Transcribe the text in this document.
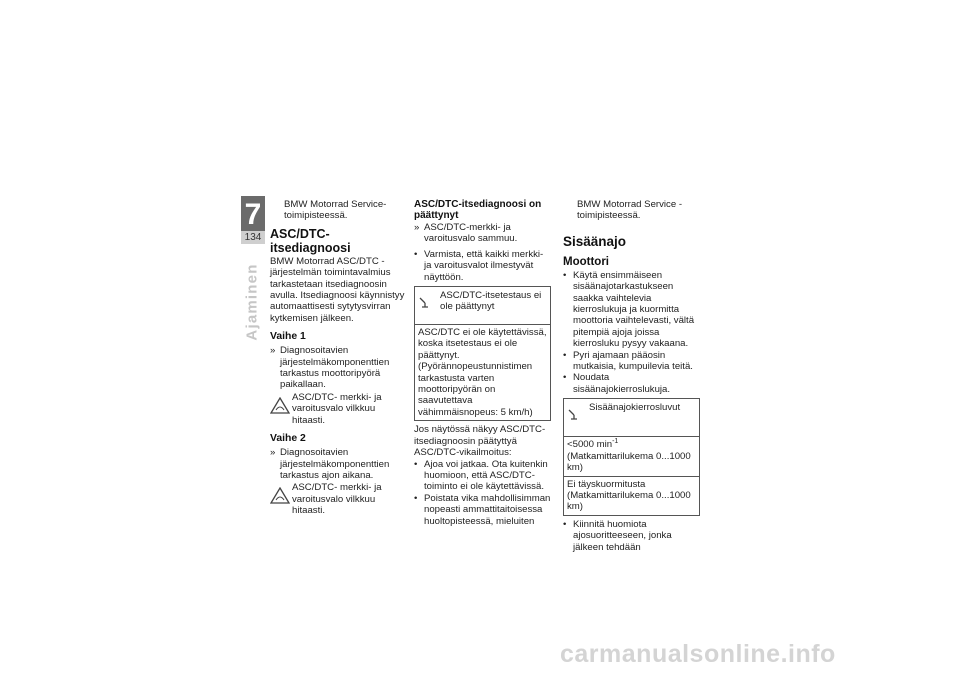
7
134
Ajaminen

BMW Motorrad Service-toimipisteessä.

ASC/DTC-itsediagnoosi

BMW Motorrad ASC/DTC -järjestelmän toimintavalmius tarkastetaan itsediagnoosin avulla. Itsediagnoosi käynnistyy automaattisesti sytytysvirran kytkemisen jälkeen.

Vaihe 1
» Diagnosoitavien järjestelmäkomponenttien tarkastus moottoripyörä paikallaan.
ASC/DTC- merkki- ja varoitusvalo vilkkuu hitaasti.
Vaihe 2
» Diagnosoitavien järjestelmäkomponenttien tarkastus ajon aikana.
ASC/DTC- merkki- ja varoitusvalo vilkkuu hitaasti.
ASC/DTC-itsediagnoosi on päättynyt
» ASC/DTC-merkki- ja varoitusvalo sammuu.
• Varmista, että kaikki merkki- ja varoitusvalot ilmestyvät näyttöön.
ASC/DTC-itsetestaus ei ole päättynyt
ASC/DTC ei ole käytettävissä, koska itsetestaus ei ole päättynyt. (Pyörännopeustunnistimen tarkastusta varten moottoripyörän on saavutettava vähimmäisnopeus: 5 km/h)

Jos näytössä näkyy ASC/DTC-itsediagnoosin päätyttyä ASC/DTC-vikailmoitus:

• Ajoa voi jatkaa. Ota kuitenkin huomioon, että ASC/DTC-toiminto ei ole käytettävissä.
• Poistata vika mahdollisimman nopeasti ammattitaitoisessa huoltopisteessä, mieluiten

BMW Motorrad Service -toimipisteessä.

Sisäänajo
Moottori
• Käytä ensimmäiseen sisäänajotarkastukseen saakka vaihtelevia kierroslukuja ja kuormitta moottoria vaihtelevasti, vältä pitempiä ajoja joissa kierrosluku pysyy vakaana.
• Pyri ajamaan pääosin mutkaisia, kumpuilevia teitä.
• Noudata sisäänajokierroslukuja.
Sisäänajokierrosluvut
<5000 $\min^{-1}$ (Matkamittarilukema 0...1000 km)
Ei täyskuormitusta (Matkamittarilukema 0...1000 km)
• Kiinnitä huomiota ajosuoritteeseen, jonka jälkeen tehdään
carmanualsonline.info
